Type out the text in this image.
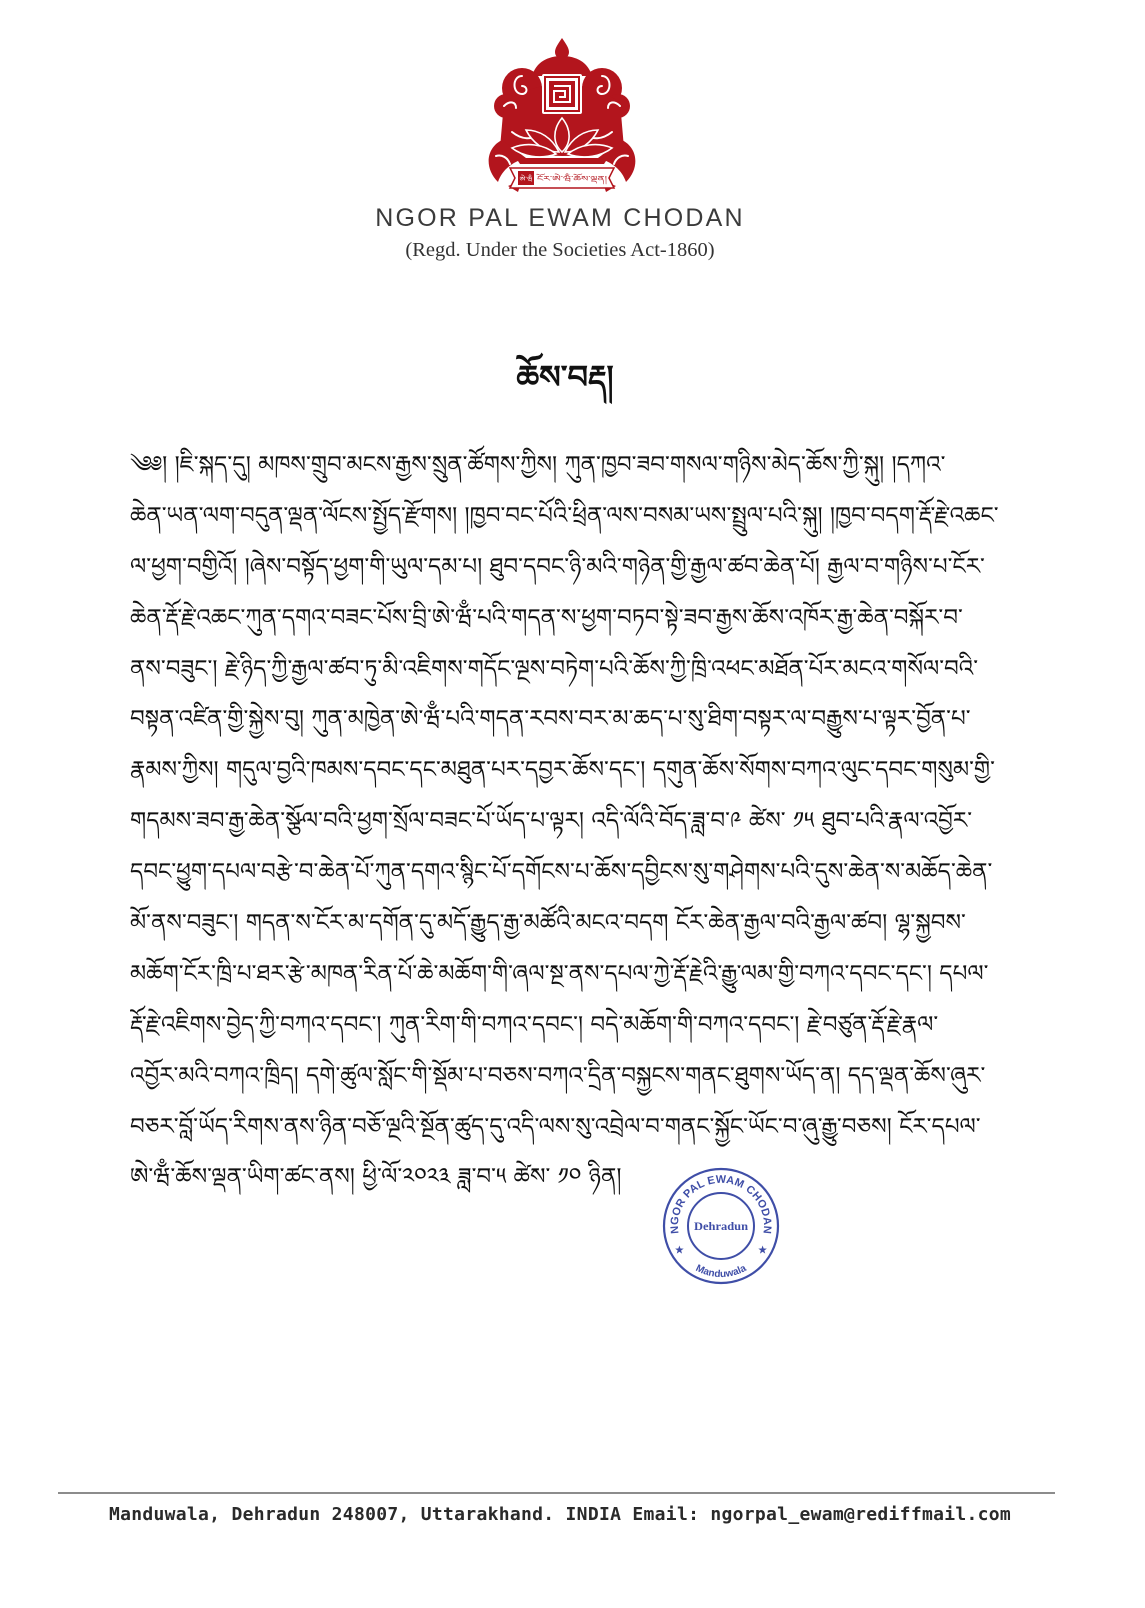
ཨེ་ཝྃ ངོར་ཨེ་ཝྃ་ཆོས་ལྡན།
NGOR PAL EWAM CHODAN
(Regd. Under the Societies Act-1860)
ཆོས་བརྡ།
༄༅། །ཇི་སྐད་དུ། མཁས་གྲུབ་མངས་རྒྱས་སྲུན་ཚོགས་ཀྱིས། ཀུན་ཁྱབ་ཟབ་གསལ་གཉིས་མེད་ཆོས་ཀྱི་སྐུ། །དཀའ་
ཆེན་ཡན་ལག་བདུན་ལྡན་ལོངས་སྤྱོད་རྫོགས། །ཁྱབ་བང་པོའི་ཕྲིན་ལས་བསམ་ཡས་སྤྲུལ་པའི་སྐུ། །ཁྱབ་བདག་རྡོ་རྗེ་འཆང་
ལ་ཕྱག་བགྱིའོ། །ཞེས་བསྟོད་ཕྱག་གི་ཡུལ་དམ་པ། ཐུབ་དབང་ཉི་མའི་གཉེན་གྱི་རྒྱལ་ཚབ་ཆེན་པོ། རྒྱལ་བ་གཉིས་པ་ངོར་
ཆེན་རྡོ་རྗེ་འཆང་ཀུན་དགའ་བཟང་པོས་བྲི་ཨེ་ཝྃ་པའི་གདན་ས་ཕྱག་བཏབ་སྟེ་ཟབ་རྒྱས་ཆོས་འཁོར་རྒྱ་ཆེན་བསྐོར་བ་
ནས་བཟུང་། རྗེ་ཉིད་ཀྱི་རྒྱལ་ཚབ་ཏུ་མི་འཇིགས་གདོང་ལྔས་བཏེག་པའི་ཆོས་ཀྱི་ཁྲི་འཕང་མཐོན་པོར་མངའ་གསོལ་བའི་
བསྟན་འཛིན་གྱི་སྐྱེས་བུ། ཀུན་མཁྱེན་ཨེ་ཝྃ་པའི་གདན་རབས་བར་མ་ཆད་པ་སུ་ཐིག་བསྟར་ལ་བརྒྱུས་པ་ལྟར་བྱོན་པ་
རྣམས་ཀྱིས། གདུལ་བྱའི་ཁམས་དབང་དང་མཐུན་པར་དབྱར་ཆོས་དང་། དགུན་ཆོས་སོགས་བཀའ་ལུང་དབང་གསུམ་གྱི་
གདམས་ཟབ་རྒྱ་ཆེན་སྩོལ་བའི་ཕྱག་སྲོལ་བཟང་པོ་ཡོད་པ་ལྟར། འདི་ལོའི་བོད་ཟླ་བ་༩ ཚེས་ ༡༥ ཐུབ་པའི་རྣལ་འབྱོར་
དབང་ཕྱུག་དཔལ་བརྩེ་བ་ཆེན་པོ་ཀུན་དགའ་སྙིང་པོ་དགོངས་པ་ཆོས་དབྱིངས་སུ་གཤེགས་པའི་དུས་ཆེན་ས་མཆོད་ཆེན་
མོ་ནས་བཟུང་། གདན་ས་ངོར་མ་དགོན་དུ་མདོ་རྒྱུད་རྒྱ་མཚོའི་མངའ་བདག ངོར་ཆེན་རྒྱལ་བའི་རྒྱལ་ཚབ། ལྷ་སྐྱབས་
མཆོག་ངོར་ཁྲི་པ་ཐར་རྩེ་མཁན་རིན་པོ་ཆེ་མཆོག་གི་ཞལ་སྔ་ནས་དཔལ་ཀྱེ་རྡོ་རྗེའི་རྒྱུ་ལམ་གྱི་བཀའ་དབང་དང་། དཔལ་
རྡོ་རྗེ་འཇིགས་བྱེད་ཀྱི་བཀའ་དབང་། ཀུན་རིག་གི་བཀའ་དབང་། བདེ་མཆོག་གི་བཀའ་དབང་། རྗེ་བཙུན་རྡོ་རྗེ་རྣལ་
འབྱོར་མའི་བཀའ་ཁྲིད། དགེ་ཚུལ་སློང་གི་སྡོམ་པ་བཅས་བཀའ་དྲིན་བསྐྱངས་གནང་ཐུགས་ཡོད་ན། དད་ལྡན་ཆོས་ཞུར་
བཅར་བློ་ཡོད་རིགས་ནས་ཉིན་བཅོ་ལྔའི་སྔོན་ཚུད་དུ་འདི་ལས་སུ་འབྲེལ་བ་གནང་སྐྱོང་ཡོང་བ་ཞུ་རྒྱུ་བཅས། ངོར་དཔལ་
ཨེ་ཝྃ་ཆོས་ལྡན་ཡིག་ཚང་ནས། ཕྱི་ལོ་༢༠༢༣ ཟླ་བ་༥ ཚེས་ ༡༠ ཉིན།
NGOR PAL EWAM CHODAN
Manduwala
Dehradun
Manduwala, Dehradun 248007, Uttarakhand. INDIA Email: ngorpal_ewam@rediffmail.com
